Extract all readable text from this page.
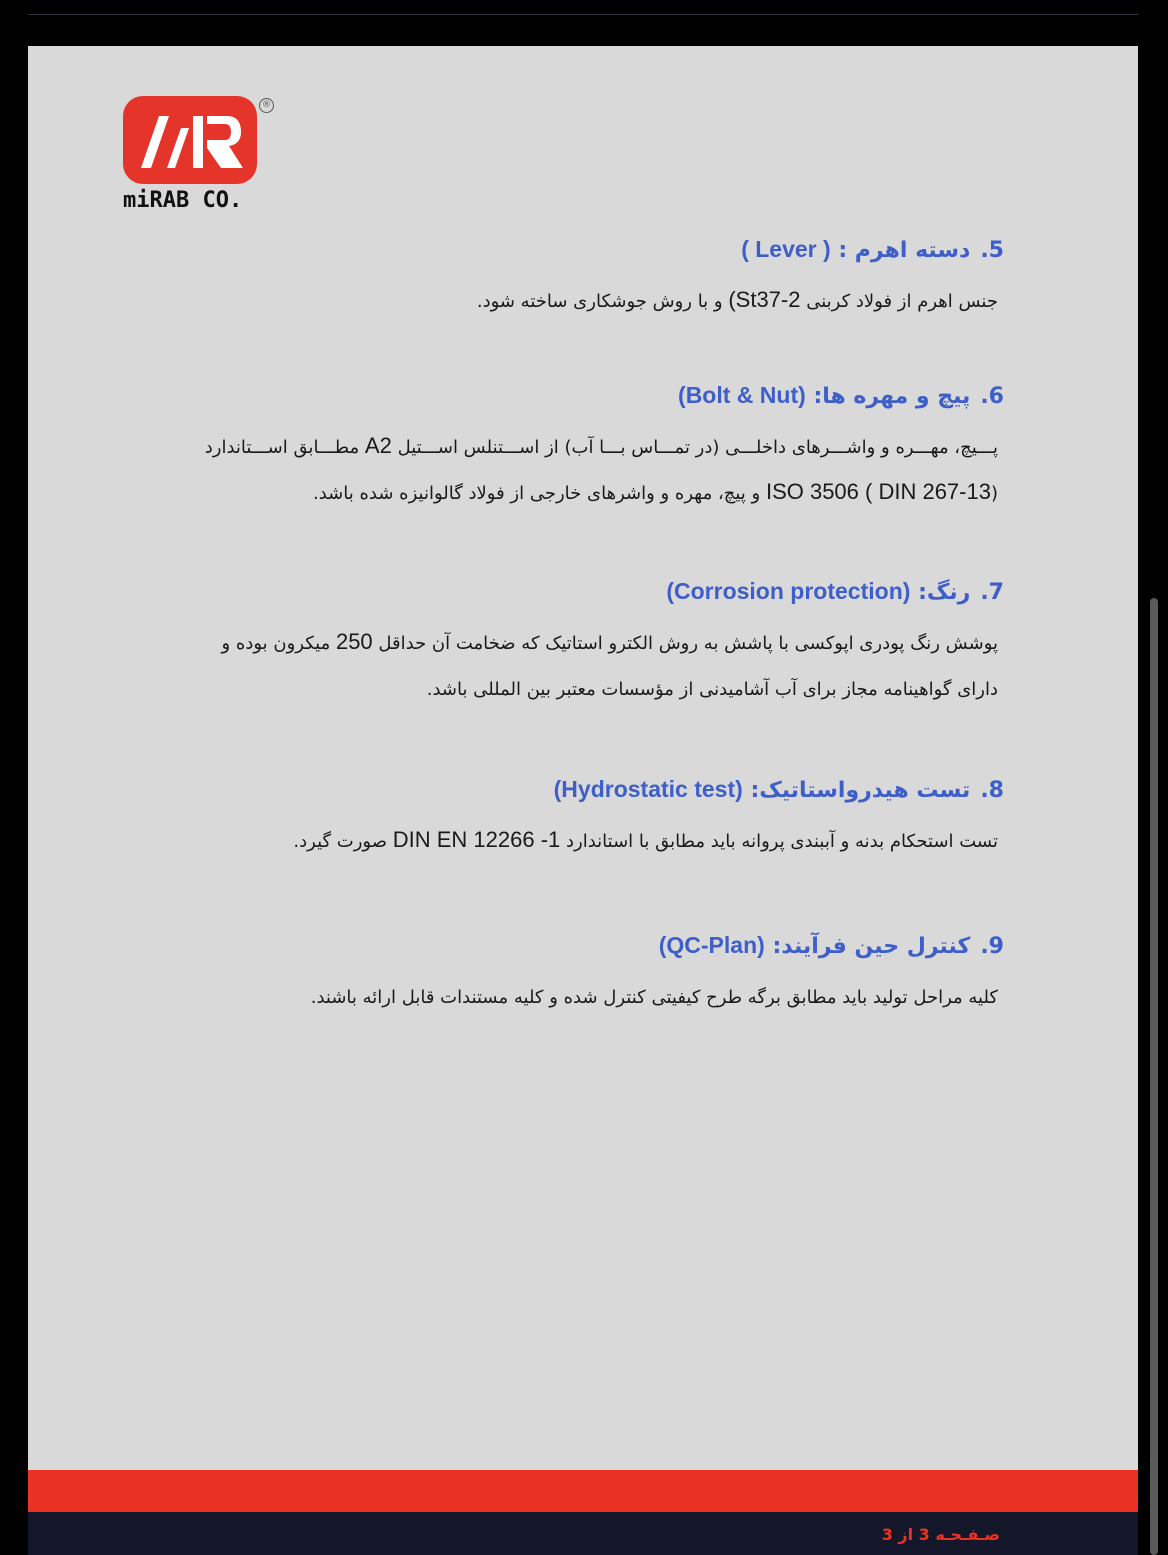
®
miRAB CO.
.5دسته اهرم : ( Lever )
جنس اهرم از فولاد کربنی (St37-2 و با روش جوشکاری ساخته شود.
.6پیچ و مهره ها: (Bolt & Nut)
پـــیچ، مهـــره و واشـــرهای داخلـــی (در تمـــاس بـــا آب) از اســـتنلس اســـتیل A2 مطـــابق اســـتاندارد
(ISO 3506 ( DIN 267-13 و پیچ، مهره و واشرهای خارجی از فولاد گالوانیزه شده باشد.
.7رنگ: (Corrosion protection)
پوشش رنگ پودری اپوکسی با پاشش به روش الکترو استاتیک که ضخامت آن حداقل 250 میکرون بوده و
دارای گواهینامه مجاز برای آب آشامیدنی از مؤسسات معتبر بین المللی باشد.
.8تست هیدرواستاتیک: (Hydrostatic test)
تست استحکام بدنه و آببندی پروانه باید مطابق با استاندارد DIN EN 12266 -1 صورت گیرد.
.9کنترل حین فرآیند: (QC-Plan)
کلیه مراحل تولید باید مطابق برگه طرح کیفیتی کنترل شده و کلیه مستندات قابل ارائه باشند.
صـفـحـه 3 از 3
